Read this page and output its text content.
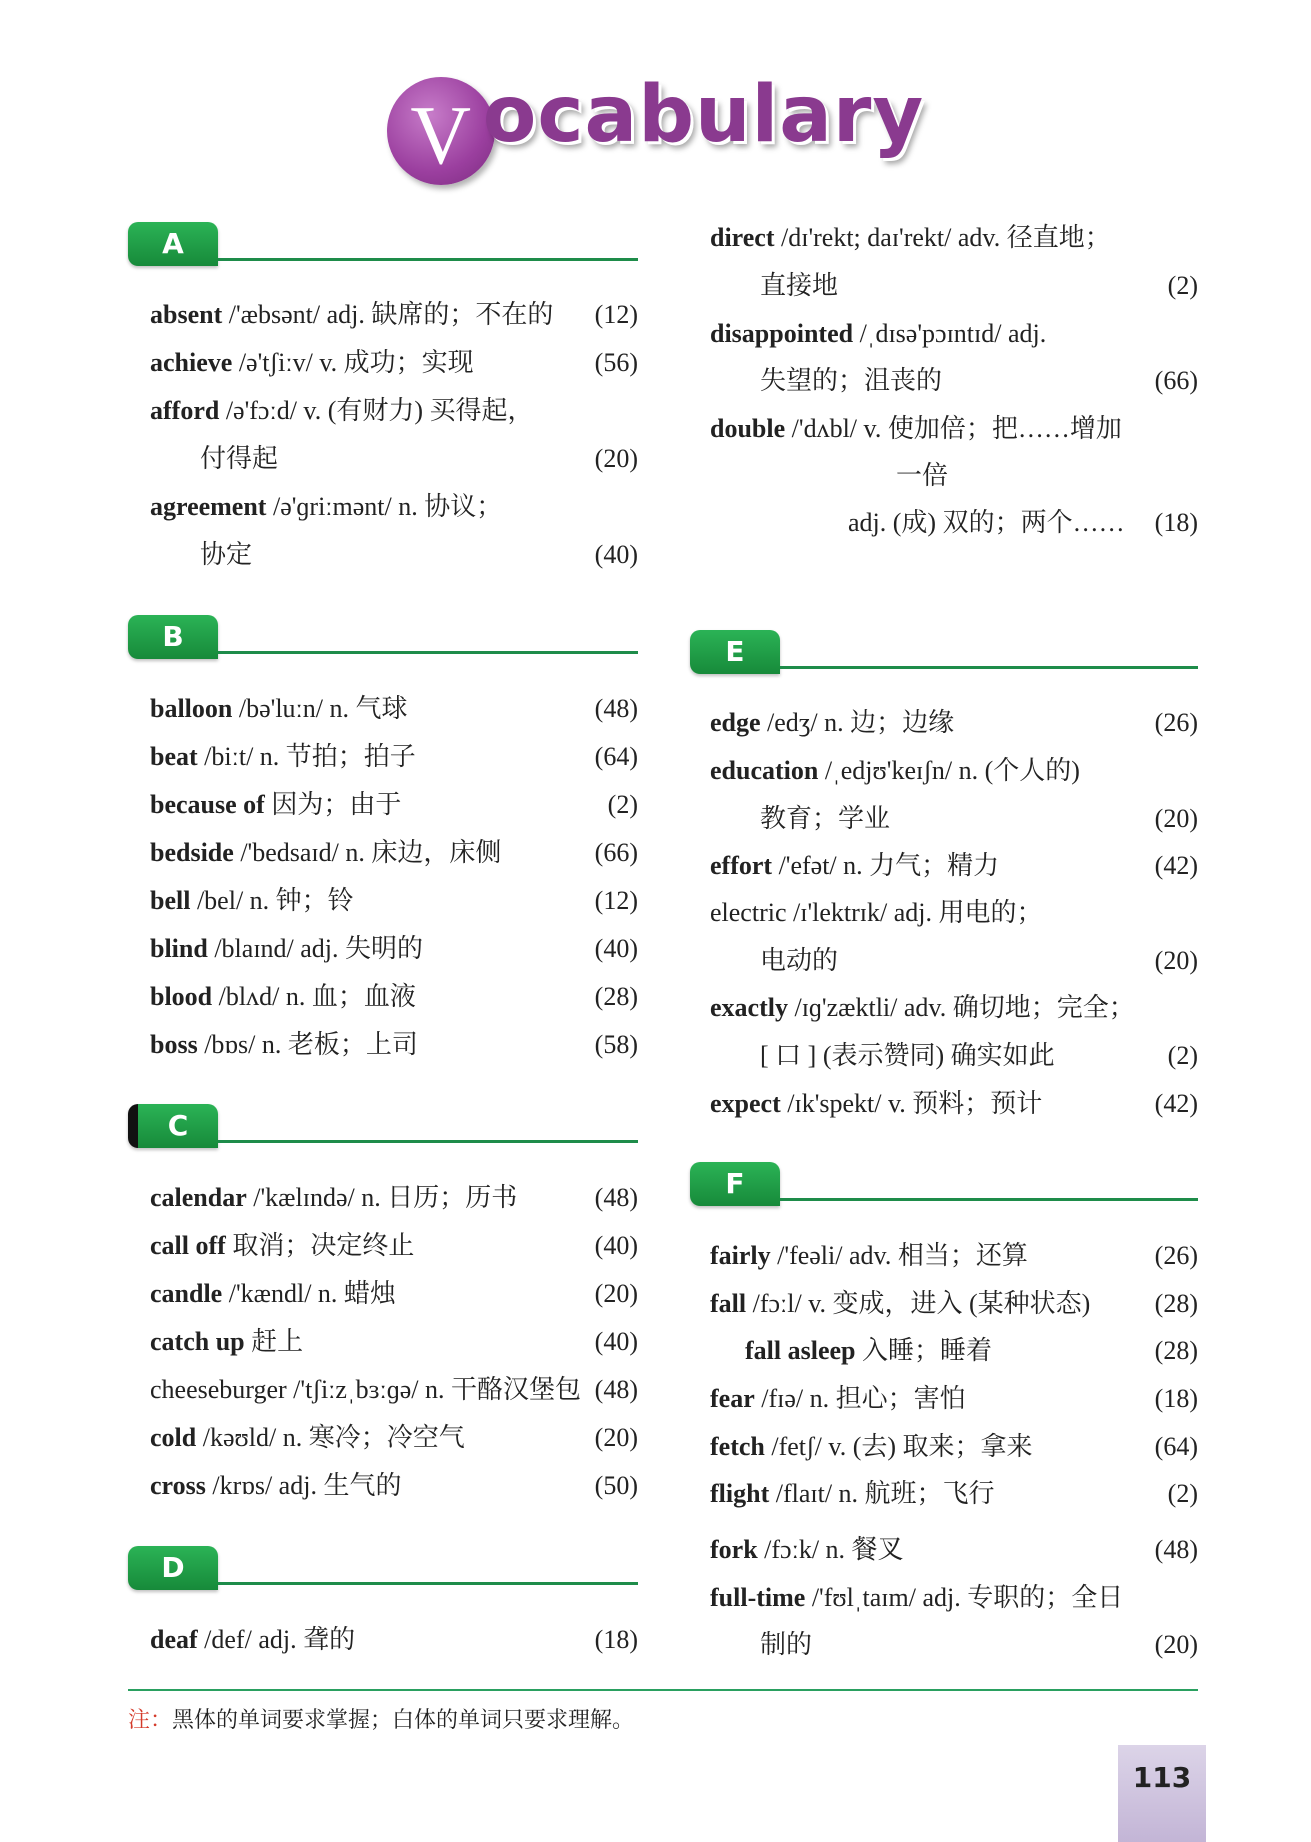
V ocabulary
A
absent /'æbsənt/ adj. 缺席的；不在的	(12)
achieve /ə'tʃiːv/ v. 成功；实现	(56)
afford /ə'fɔːd/ v. (有财力) 买得起，
付得起	(20)
agreement /ə'ɡriːmənt/ n. 协议；
协定	(40)
B
balloon /bə'luːn/ n. 气球	(48)
beat /biːt/ n. 节拍；拍子	(64)
because of 因为；由于	(2)
bedside /'bedsaɪd/ n. 床边，床侧	(66)
bell /bel/ n. 钟；铃	(12)
blind /blaɪnd/ adj. 失明的	(40)
blood /blʌd/ n. 血；血液	(28)
boss /bɒs/ n. 老板；上司	(58)
C
calendar /'kælɪndə/ n. 日历；历书	(48)
call off 取消；决定终止	(40)
candle /'kændl/ n. 蜡烛	(20)
catch up 赶上	(40)
cheeseburger /'tʃiːzˌbɜːɡə/ n. 干酪汉堡包 (48)
cold /kəʊld/ n. 寒冷；冷空气	(20)
cross /krɒs/ adj. 生气的	(50)
D
deaf /def/ adj. 聋的	(18)
direct /dɪ'rekt; daɪ'rekt/ adv. 径直地；
直接地	(2)
disappointed /ˌdɪsə'pɔɪntɪd/ adj.
失望的；沮丧的	(66)
double /'dʌbl/ v. 使加倍；把……增加
一倍
adj. (成) 双的；两个……	(18)
E
edge /edʒ/ n. 边；边缘	(26)
education /ˌedjʊ'keɪʃn/ n. (个人的)
教育；学业	(20)
effort /'efət/ n. 力气；精力	(42)
electric /ɪ'lektrɪk/ adj. 用电的；
电动的	(20)
exactly /ɪɡ'zæktli/ adv. 确切地；完全；
[ 口 ] (表示赞同) 确实如此	(2)
expect /ɪk'spekt/ v. 预料；预计	(42)
F
fairly /'feəli/ adv. 相当；还算	(26)
fall /fɔːl/ v. 变成，进入 (某种状态)	(28)
fall asleep 入睡；睡着	(28)
fear /fɪə/ n. 担心；害怕	(18)
fetch /fetʃ/ v. (去) 取来；拿来	(64)
flight /flaɪt/ n. 航班；飞行	(2)
fork /fɔːk/ n. 餐叉	(48)
full-time /'fʊlˌtaɪm/ adj. 专职的；全日
制的	(20)
注：黑体的单词要求掌握；白体的单词只要求理解。
113
